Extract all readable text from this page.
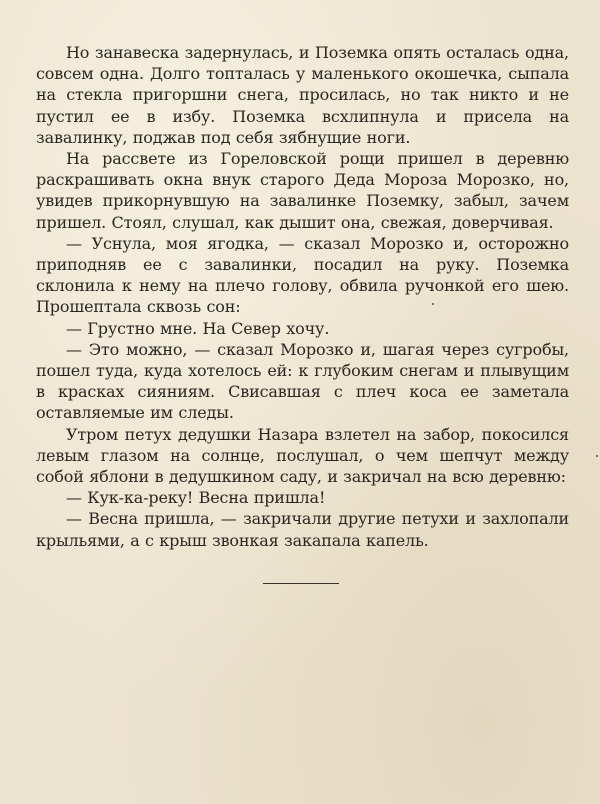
Но занавеска задернулась, и Поземка опять осталась одна, совсем одна. Долго топталась у маленького окошечка, сыпала на стекла пригоршни снега, просилась, но так никто и не пустил ее в избу. Поземка всхлипнула и присела на завалинку, поджав под себя зябнущие ноги.

На рассвете из Гореловской рощи пришел в деревню раскрашивать окна внук старого Деда Мороза Морозко, но, увидев прикорнувшую на завалинке Поземку, забыл, зачем пришел. Стоял, слушал, как дышит она, свежая, доверчивая.

— Уснула, моя ягодка, — сказал Морозко и, осторожно приподняв ее с завалинки, посадил на руку. Поземка склонила к нему на плечо голову, обвила ручонкой его шею. Прошептала сквозь сон:

— Грустно мне. На Север хочу.

— Это можно, — сказал Морозко и, шагая через сугробы, пошел туда, куда хотелось ей: к глубоким снегам и плывущим в красках сияниям. Свисавшая с плеч коса ее заметала оставляемые им следы.

Утром петух дедушки Назара взлетел на забор, покосился левым глазом на солнце, послушал, о чем шепчут между собой яблони в дедушкином саду, и закричал на всю деревню:

— Кук-ка-реку! Весна пришла!

— Весна пришла, — закричали другие петухи и захлопали крыльями, а с крыш звонкая закапала капель.
